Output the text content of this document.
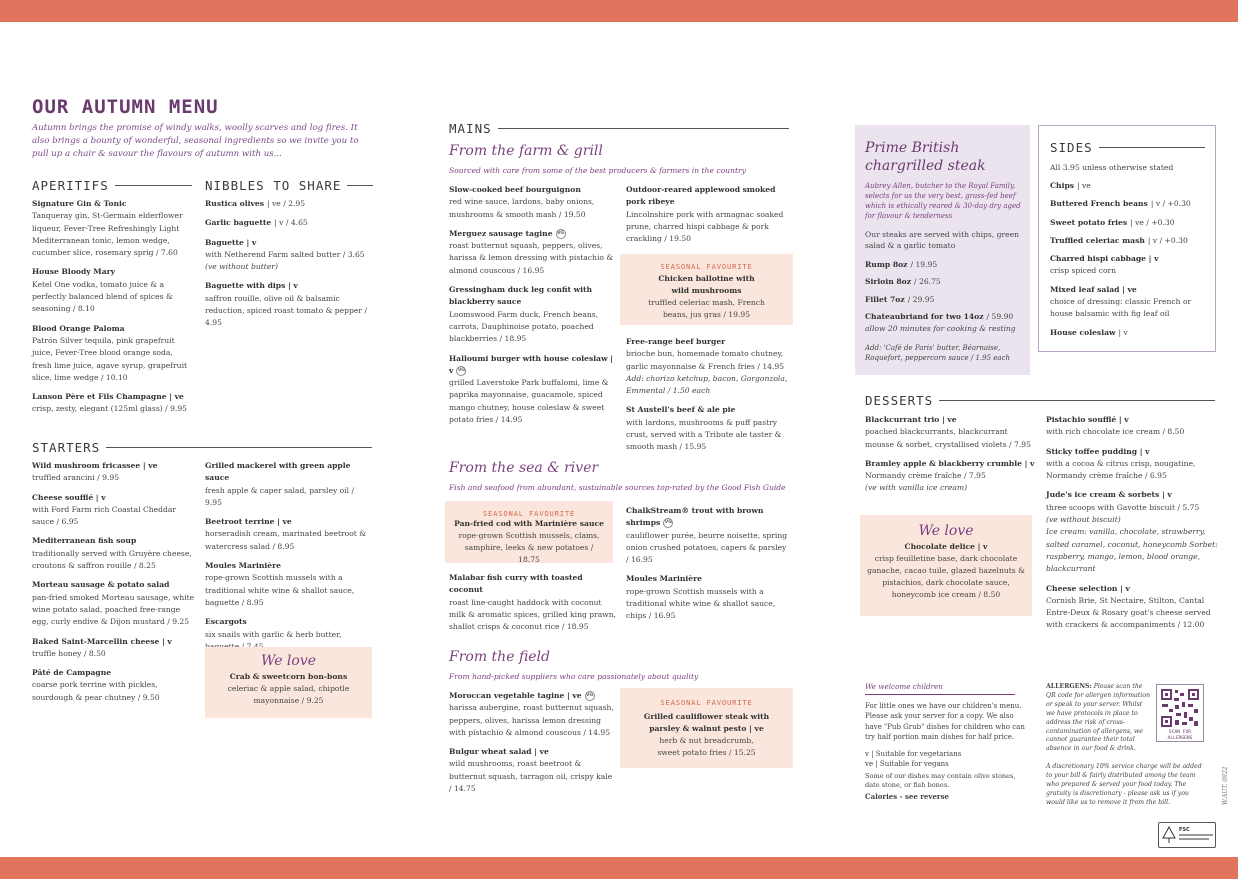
OUR AUTUMN MENU
Autumn brings the promise of windy walks, woolly scarves and log fires. It also brings a bounty of wonderful, seasonal ingredients so we invite you to pull up a chair & savour the flavours of autumn with us...
APERITIFS
Signature Gin & Tonic
Tanqueray gin, St-Germain elderflower liqueur, Fever-Tree Refreshingly Light Mediterranean tonic, lemon wedge, cucumber slice, rosemary sprig / 7.60
House Bloody Mary
Ketel One vodka, tomato juice & a perfectly balanced blend of spices & seasoning / 8.10
Blood Orange Paloma
Patrón Silver tequila, pink grapefruit juice, Fever-Tree blood orange soda, fresh lime juice, agave syrup, grapefruit slice, lime wedge / 10.10
Lanson Père et Fils Champagne | ve
crisp, zesty, elegant (125ml glass) / 9.95
NIBBLES TO SHARE
Rustica olives | ve / 2.95
Garlic baguette | v / 4.65
Baguette | v
with Netherend Farm salted butter / 3.65
(ve without butter)
Baguette with dips | v
saffron rouille, olive oil & balsamic reduction, spiced roast tomato & pepper / 4.95
STARTERS
Wild mushroom fricassee | ve
truffled arancini / 9.95
Cheese soufflé | v
with Ford Farm rich Coastal Cheddar sauce / 6.95
Mediterranean fish soup
traditionally served with Gruyère cheese, croutons & saffron rouille / 8.25
Morteau sausage & potato salad
pan-fried smoked Morteau sausage, white wine potato salad, poached free-range egg, curly endive & Dijon mustard / 9.25
Baked Saint-Marcellin cheese | v
truffle honey / 8.50
Pâté de Campagne
coarse pork terrine with pickles, sourdough & pear chutney / 9.50
Grilled mackerel with green apple sauce
fresh apple & caper salad, parsley oil / 9.95
Beetroot terrine | ve
horseradish cream, marinated beetroot & watercress salad / 8.95
Moules Marinière
rope-grown Scottish mussels with a traditional white wine & shallot sauce, baguette / 8.95
Escargots
six snails with garlic & herb butter,
We love
Crab & sweetcorn bon-bons
celeriac & apple salad, chipotle mayonnaise / 9.25
MAINS
From the farm & grill
Sourced with care from some of the best producers & farmers in the country
Slow-cooked beef bourguignon
red wine sauce, lardons, baby onions, mushrooms & smooth mash / 19.50
Merguez sausage tagine VG
roast butternut squash, peppers, olives, harissa & lemon dressing with pistachio & almond couscous / 16.95
Gressingham duck leg confit with blackberry sauce
Loomswood Farm duck, French beans, carrots, Dauphinoise potato, poached blackberries / 18.95
Halloumi burger with house coleslaw | v VG
grilled Laverstoke Park buffalomi, lime & paprika mayonnaise, guacamole, spiced mango chutney, house coleslaw & sweet potato fries / 14.95
Outdoor-reared applewood smoked pork ribeye
Lincolnshire pork with armagnac soaked prune, charred hispi cabbage & pork crackling / 19.50
SEASONAL FAVOURITE
Chicken ballotine with wild mushrooms
truffled celeriac mash, French beans, jus gras / 19.95
Free-range beef burger
brioche bun, homemade tomato chutney, garlic mayonnaise & French fries / 14.95
Add: chorizo ketchup, bacon, Gorgonzola, Emmental / 1.50 each
St Austell's beef & ale pie
with lardons, mushrooms & puff pastry crust, served with a Tribute ale taster & smooth mash / 15.95
From the sea & river
Fish and seafood from abundant, sustainable sources top-rated by the Good Fish Guide
SEASONAL FAVOURITE
Pan-fried cod with Marinière sauce
rope-grown Scottish mussels, clams, samphire, leeks & new potatoes / 18.75
Malabar fish curry with toasted coconut
roast line-caught haddock with coconut milk & aromatic spices, grilled king prawn, shallot crisps & coconut rice / 18.95
ChalkStream® trout with brown shrimps VG
cauliflower purée, beurre noisette, spring onion crushed potatoes, capers & parsley / 16.95
Moules Marinière
rope-grown Scottish mussels with a traditional white wine & shallot sauce, chips / 16.95
From the field
From hand-picked suppliers who care passionately about quality
Moroccan vegetable tagine | ve VG
harissa aubergine, roast butternut squash, peppers, olives, harissa lemon dressing with pistachio & almond couscous / 14.95
Bulgur wheat salad | ve
wild mushrooms, roast beetroot & butternut squash, tarragon oil, crispy kale / 14.75
SEASONAL FAVOURITE
Grilled cauliflower steak with parsley & walnut pesto | ve
herb & nut breadcrumb, sweet potato fries / 15.25
Prime British chargrilled steak
Aubrey Allen, butcher to the Royal Family, selects for us the very best, grass-fed beef which is ethically reared & 30-day dry aged for flavour & tenderness
Our steaks are served with chips, green salad & a garlic tomato
Rump 8oz / 19.95
Sirloin 8oz / 26.75
Fillet 7oz / 29.95
Chateaubriand for two 14oz / 59.90
allow 20 minutes for cooking & resting
Add: 'Café de Paris' butter, Béarnaise, Roquefort, peppercorn sauce / 1.95 each
SIDES
All 3.95 unless otherwise stated
Chips | ve
Buttered French beans | v / +0.30
Sweet potato fries | ve / +0.30
Truffled celeriac mash | v / +0.30
Charred hispi cabbage | v
crisp spiced corn
Mixed leaf salad | ve
choice of dressing: classic French or house balsamic with fig leaf oil
House coleslaw | v
DESSERTS
Blackcurrant trio | ve
poached blackcurrants, blackcurrant mousse & sorbet, crystallised violets / 7.95
Bramley apple & blackberry crumble | v
Normandy crème fraîche / 7.95
(ve with vanilla ice cream)
We love
Chocolate delice | v
crisp feuilletine base, dark chocolate ganache, cacao tuile, glazed hazelnuts & pistachios, dark chocolate sauce, honeycomb ice cream / 8.50
Pistachio soufflé | v
with rich chocolate ice cream / 8.50
Sticky toffee pudding | v
with a cocoa & citrus crisp, nougatine, Normandy crème fraîche / 6.95
Jude's ice cream & sorbets | v
three scoops with Gavotte biscuit / 5.75
(ve without biscuit)
Ice cream: vanilla, chocolate, strawberry, salted caramel, coconut, honeycomb Sorbet: raspberry, mango, lemon, blood orange, blackcurrant
Cheese selection | v
Cornish Brie, St Nectaire, Stilton, Cantal Entre-Deux & Rosary goat's cheese served with crackers & accompaniments / 12.00
We welcome children
For little ones we have our children's menu. Please ask your server for a copy. We also have "Pub Grub" dishes for children who can try half portion main dishes for half price.
v | Suitable for vegetarians
ve | Suitable for vegans
Some of our dishes may contain olive stones, date stone, or fish bones.
Calories - see reverse
ALLERGENS: Please scan the QR code for allergen information or speak to your server. Whilst we have protocols in place to address the risk of cross-contamination of allergens, we cannot guarantee their total absence in our food & drink.
SCAN FOR ALLERGENS
A discretionary 10% service charge will be added to your bill & fairly distributed among the team who prepared & served your food today. The gratuity is discretionary - please ask us if you would like us to remove it from the bill.
FSC
W.AUT. 0922
